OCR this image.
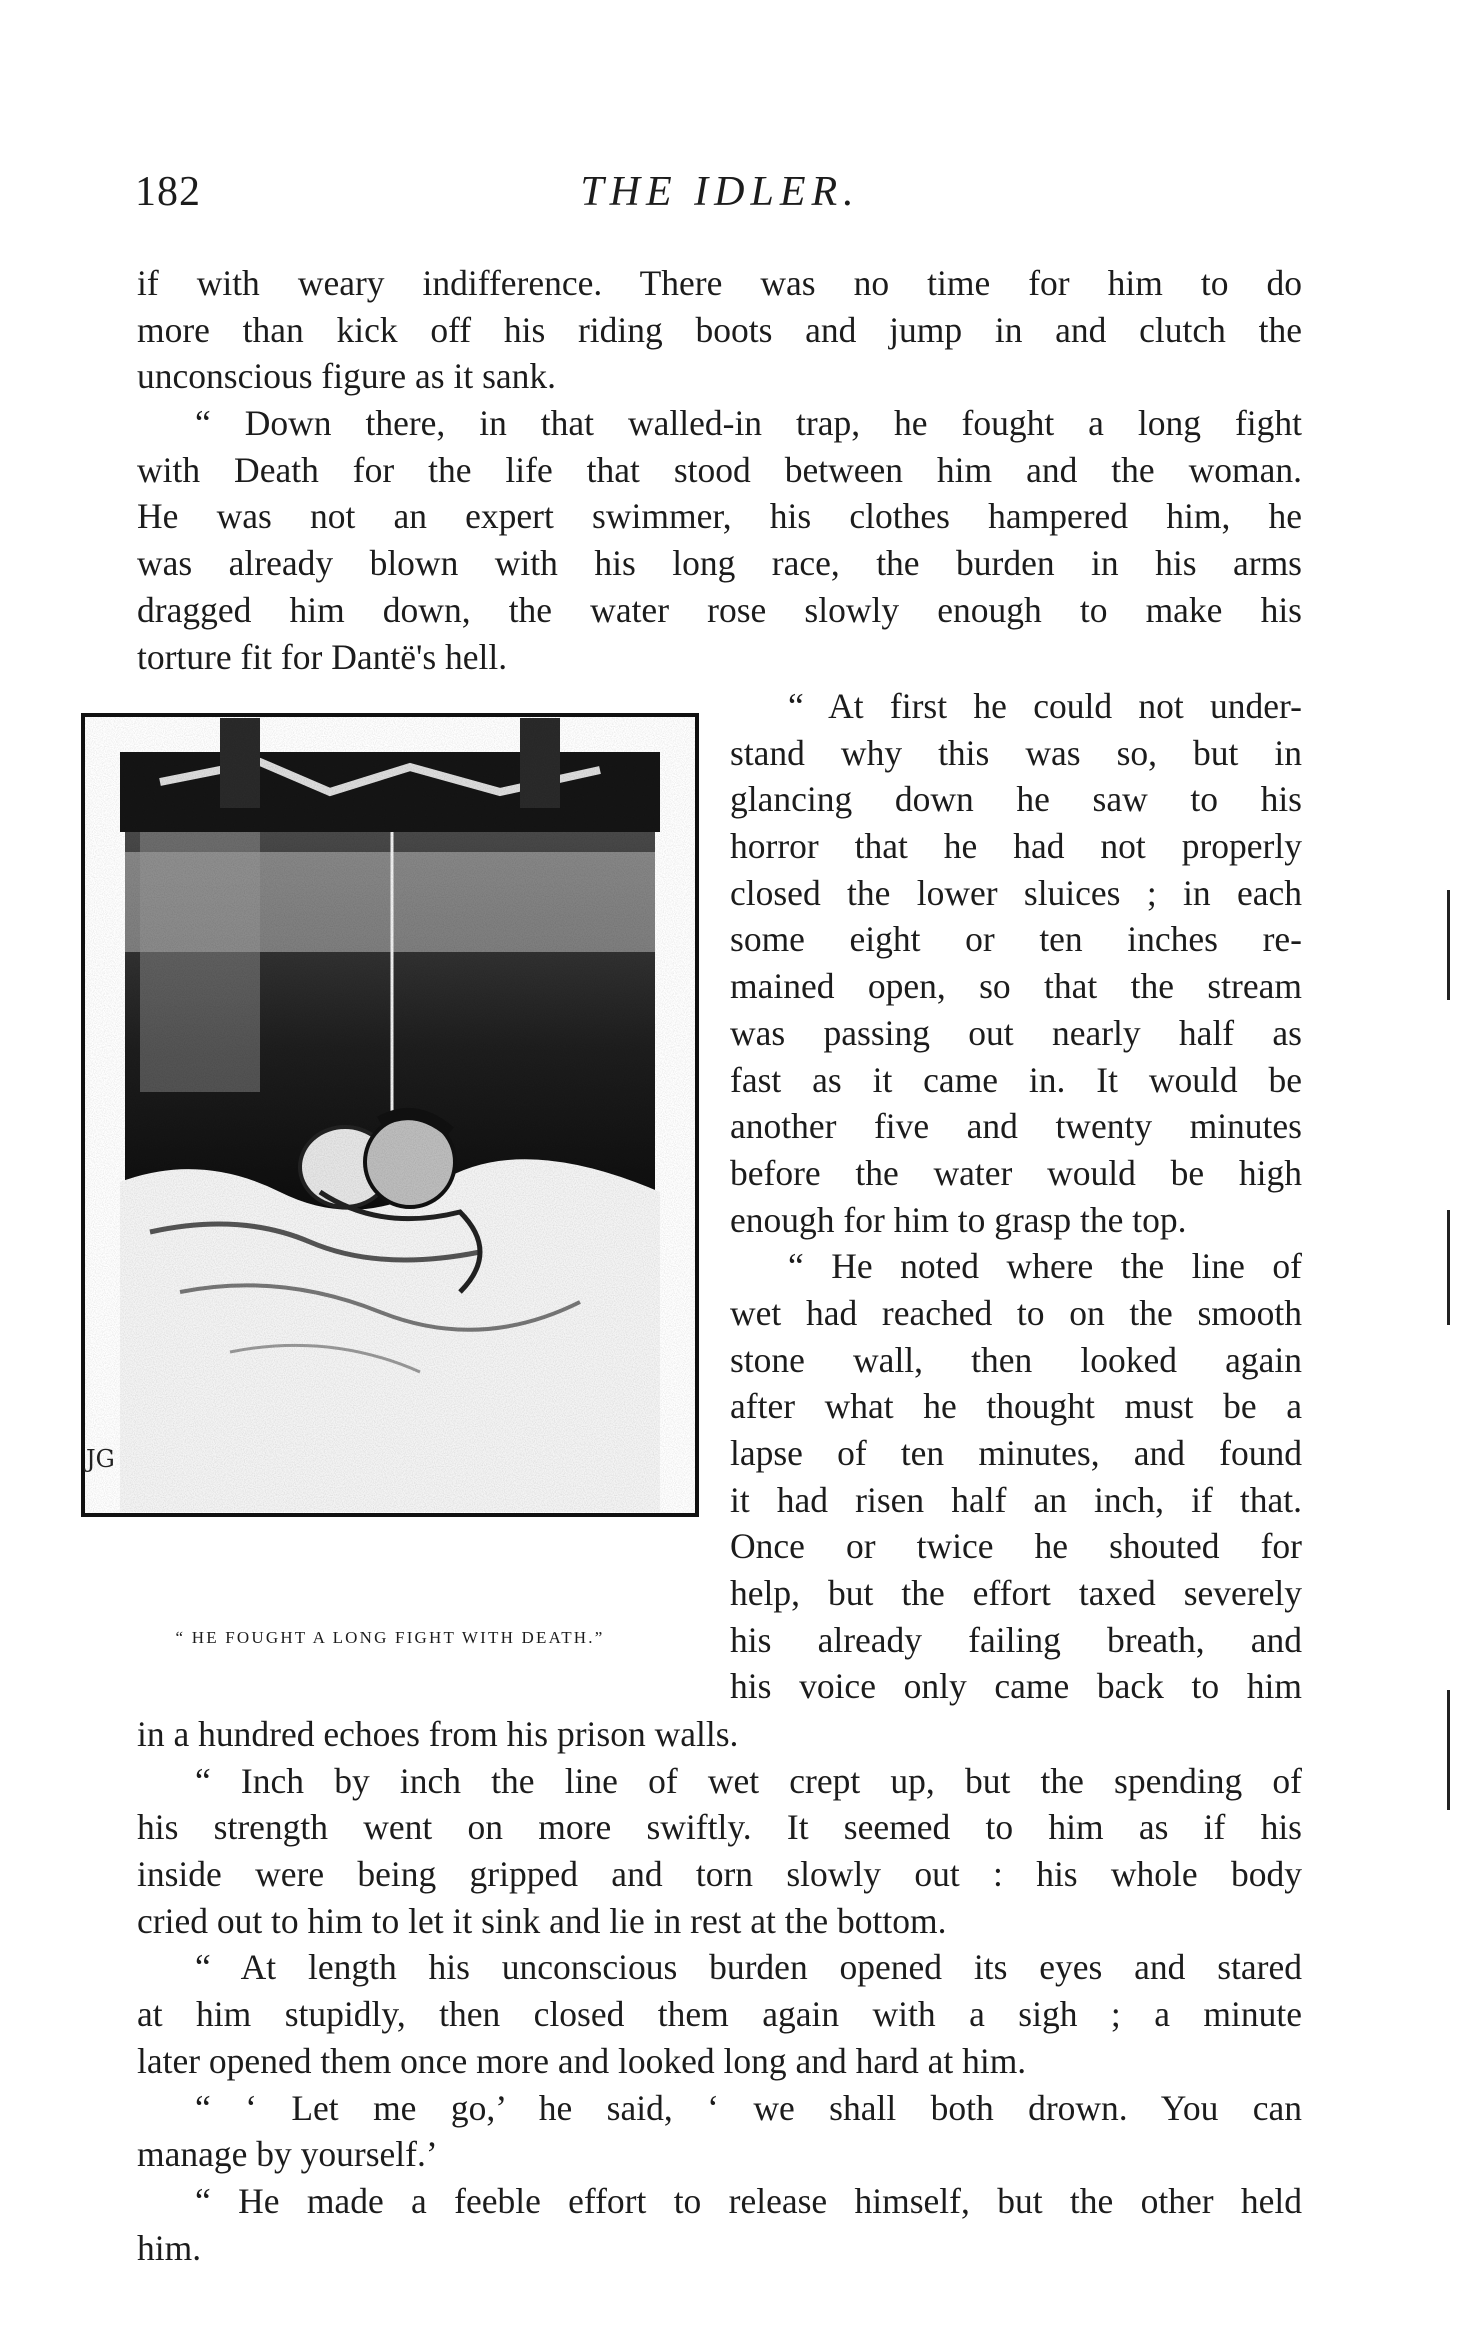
182	THE IDLER.
if with weary indifference. There was no time for him to do
more than kick off his riding boots and jump in and clutch the
unconscious figure as it sank.
“ Down there, in that walled-in trap, he fought a long fight
with Death for the life that stood between him and the woman.
He was not an expert swimmer, his clothes hampered him, he
was already blown with his long race, the burden in his arms
dragged him down, the water rose slowly enough to make his
torture fit for Dantë's hell.
JG
“ HE FOUGHT A LONG FIGHT WITH DEATH.”
“ At first he could not under-
stand why this was so, but in
glancing down he saw to his
horror that he had not properly
closed the lower sluices ; in each
some eight or ten inches re-
mained open, so that the stream
was passing out nearly half as
fast as it came in. It would be
another five and twenty minutes
before the water would be high
enough for him to grasp the top.
“ He noted where the line of
wet had reached to on the smooth
stone wall, then looked again
after what he thought must be a
lapse of ten minutes, and found
it had risen half an inch, if that.
Once or twice he shouted for
help, but the effort taxed severely
his already failing breath, and
his voice only came back to him
in a hundred echoes from his prison walls.
“ Inch by inch the line of wet crept up, but the spending of
his strength went on more swiftly. It seemed to him as if his
inside were being gripped and torn slowly out : his whole body
cried out to him to let it sink and lie in rest at the bottom.
“ At length his unconscious burden opened its eyes and stared
at him stupidly, then closed them again with a sigh ; a minute
later opened them once more and looked long and hard at him.
“ ‘ Let me go,’ he said, ‘ we shall both drown. You can
manage by yourself.’
“ He made a feeble effort to release himself, but the other held
him.
